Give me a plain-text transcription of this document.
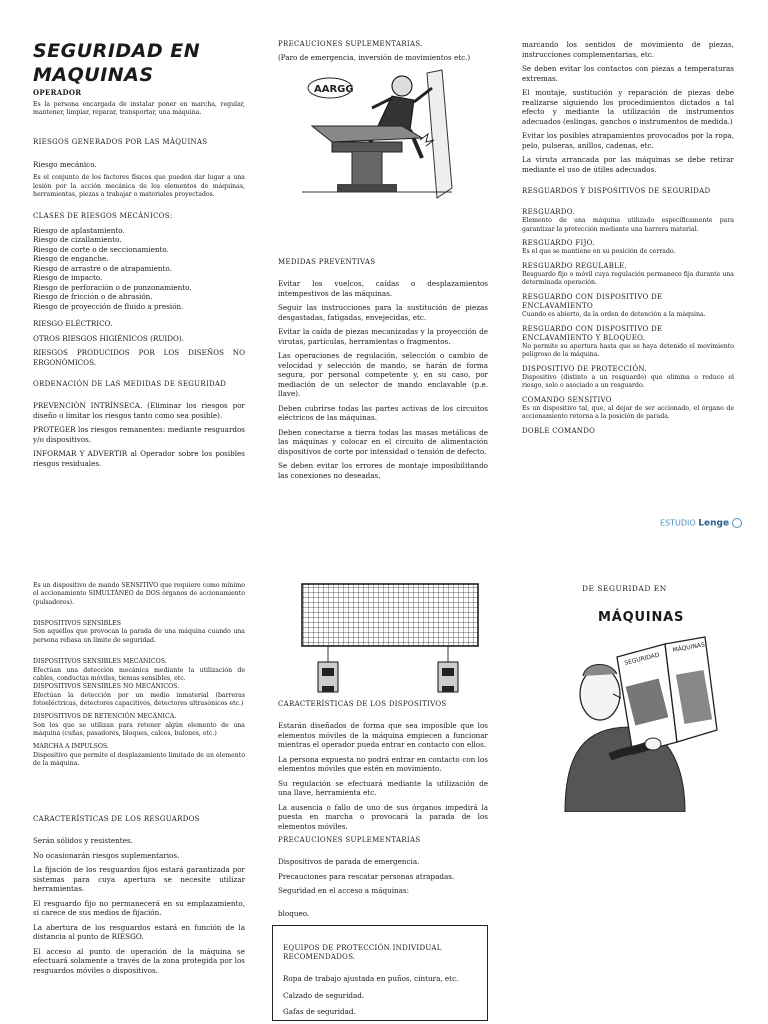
SEGURIDAD EN
MAQUINAS
OPERADOR

Es la persona encargada de instalar poner en marcha, regular, mantener, limpiar, reparar, transportar, una máquina.

RIESGOS GENERADOS POR LAS MÁQUINAS

Riesgo mecánico.

Es el conjunto de los factores físicos que pueden dar lugar a una lesión por la acción mecánica de los elementos de máquinas, herramientas, piezas a trabajar o materiales proyectados.

CLASES DE RIESGOS MECÁNICOS:
Riesgo de aplastamiento.
Riesgo de cizallamiento.
Riesgo de corte o de seccionamiento.
Riesgo de enganche.
Riesgo de arrastre o de atrapamiento.
Riesgo de impacto.
Riesgo de perforación o de punzonamiento.
Riesgo de fricción o de abrasión.
Riesgo de proyección de fluido a presión.

RIESGO ELÉCTRICO.

OTROS RIESGOS HIGIÉNICOS (RUIDO).

RIESGOS PRODUCIDOS POR LOS DISEÑOS NO ERGONÓMICOS.

ORDENACIÓN DE LAS MEDIDAS DE SEGURIDAD

PREVENCIÓN INTRÍNSECA. (Eliminar los riesgos por diseño o limitar los riesgos tanto como sea posible).

PROTEGER los riesgos remanentes: mediante resguardos y/o dispositivos.

INFORMAR Y ADVERTIR al Operador sobre los posibles riesgos residuales.

PRECAUCIONES SUPLEMENTARIAS.

(Paro de emergencia, inversión de movimientos etc.)

AARGG
MEDIDAS PREVENTIVAS

Evitar los vuelcos, caídas o desplazamientos intempestivos de las máquinas.

Seguir las instrucciones para la sustitución de piezas desgastadas, fatigadas, envejecidas, etc.

Evitar la caída de piezas mecanizadas y la proyección de virutas, partículas, herramientas o fragmentos.

Las operaciones de regulación, selección o cambio de velocidad y selección de mando, se harán de forma segura, por personal competente y, en su caso, por mediación de un selector de mando enclavable (p.e. llave).

Deben cubrirse todas las partes activas de los circuitos eléctricos de las máquinas.

Deben conectarse a tierra todas las masas metálicas de las máquinas y colocar en el circuito de alimentación dispositivos de corte por intensidad o tensión de defecto.

Se deben evitar los errores de montaje imposibilitando las conexiones no deseadas,

marcando los sentidos de movimiento de piezas, instrucciones complementarias, etc.

Se deben evitar los contactos con piezas a temperaturas extremas.

El montaje, sustitución y reparación de piezas debe realizarse siguiendo los procedimientos dictados a tal efecto y mediante la utilización de instrumentos adecuados (eslingas, ganchos o instrumentos de medida.)

Evitar los posibles atrapamientos provocados por la ropa, pelo, pulseras, anillos, cadenas, etc.

La viruta arrancada por las máquinas se debe retirar mediante el uso de útiles adecuados.

RESGUARDOS Y DISPOSITIVOS DE SEGURIDAD
RESGUARDO.

Elemento de una máquina utilizado específicamente para garantizar la protección mediante una barrera material.

RESGUARDO FIJO.

Es el que se mantiene en su posición de cerrado.

RESGUARDO REGULABLE.

Resguardo fijo o móvil cuya regulación permanece fija durante una determinada operación.

RESGUARDO CON DISPOSITIVO DE ENCLAVAMIENTO

Cuando es abierto, da la orden de detención a la máquina.

RESGUARDO CON DISPOSITIVO DE ENCLAVAMIENTO Y BLOQUEO.

No permite su apertura hasta que se haya detenido el movimiento peligroso de la máquina.

DISPOSITIVO DE PROTECCIÓN.

Dispositivo (distinto a un resguardo) que elimina o reduce el riesgo, solo o asociado a un resguardo.

COMANDO SENSITIVO

Es un dispositivo tal, que, al dejar de ser accionado, el órgano de accionamiento retorna a la posición de parada.

DOBLE COMANDO
ESTUDIO Lenge

Es un dispositivo de mando SENSITIVO que requiere como mínimo el accionamiento SIMULTÁNEO de DOS órganos de accionamiento (pulsadores).

DISPOSITIVOS SENSIBLES

Son aquellos que provocan la parada de una máquina cuando una persona rebasa un límite de seguridad.

DISPOSITIVOS SENSIBLES MECÁNICOS.

Efectúan una detección mecánica mediante la utilización de cables, conductas móviles, tiemas sensibles, etc.

DISPOSITIVOS SENSIBLES NO MECÁNICOS.

Efectúan la detección por un medio inmaterial (barreras fotoeléctricas, detectores capacitivos, detectores ultrasónicos etc.)

DISPOSITIVOS DE RETENCIÓN MECÁNICA.

Son los que se utilizan para retener algún elemento de una máquina (cuñas, pasadores, bloques, calces, bulones, etc.)

MARCHA A IMPULSOS.

Dispositivo que permite el desplazamiento limitado de un elemento de la máquina.

CARACTERÍSTICAS DE LOS RESGUARDOS

Serán sólidos y resistentes.

No ocasionarán riesgos suplementarios.

La fijación de los resguardos fijos estará garantizada por sistemas para cuya apertura se necesite utilizar herramientas.

El resguardo fijo no permanecerá en su emplazamiento, si carece de sus medios de fijación.

La abertura de los resguardos estará en función de la distancia al punto de RIESGO.

El acceso al punto de operación de la máquina se efectuará solamente a través de la zona protegida por los resguardos móviles o dispositivos.

CARACTERÍSTICAS DE LOS DISPOSITIVOS

Estarán diseñados de forma que sea imposible que los elementos móviles de la máquina empiecen a funcionar mientras el operador pueda entrar en contacto con ellos.

La persona expuesta no podrá entrar en contacto con los elementos móviles que estén en movimiento.

Su regulación se efectuará mediante la utilización de una llave, herramienta etc.

La ausencia o fallo de uno de sus órganos impedirá la puesta en marcha o provocará la parada de los elementos móviles.

PRECAUCIONES SUPLEMENTARIAS

Dispositivos de parada de emergencia.

Precauciones para rescatar personas atrapadas.

Seguridad en el acceso a máquinas:

bloqueo.

EQUIPOS DE PROTECCIÓN INDIVIDUAL RECOMENDADOS.

Ropa de trabajo ajustada en puños, cintura, etc.

Calzado de seguridad.

Gafas de seguridad.

DE SEGURIDAD EN
MÁQUINAS
SEGURIDAD
MÁQUINAS
